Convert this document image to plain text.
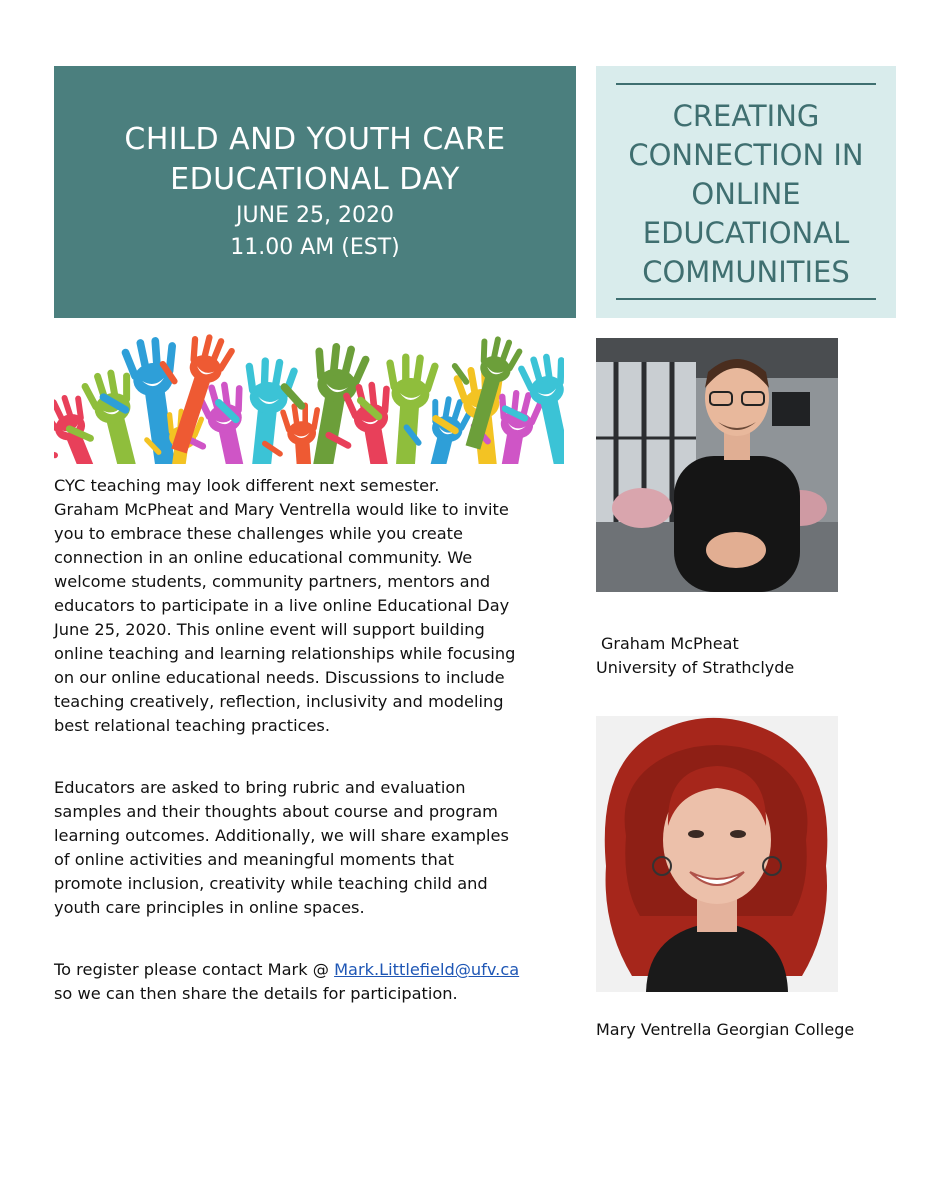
CHILD AND YOUTH CARE
EDUCATIONAL DAY
JUNE 25, 2020
11.00 AM (EST)
CREATING
CONNECTION IN
ONLINE
EDUCATIONAL
COMMUNITIES

CYC teaching may look different next semester.
Graham McPheat and Mary Ventrella would like to invite
you to embrace these challenges while you create
connection in an online educational community. We
welcome students, community partners, mentors and
educators to participate in a live online Educational Day
June 25, 2020. This online event will support building
online teaching and learning relationships while focusing
on our online educational needs. Discussions to include
teaching creatively, reflection, inclusivity and modeling
best relational teaching practices.

Educators are asked to bring rubric and evaluation
samples and their thoughts about course and program
learning outcomes. Additionally, we will share examples
of online activities and meaningful moments that
promote inclusion, creativity while teaching child and
youth care principles in online spaces.

To register please contact Mark @ Mark.Littlefield@ufv.ca
so we can then share the details for participation.

Graham McPheat
University of Strathclyde
Mary Ventrella Georgian College
